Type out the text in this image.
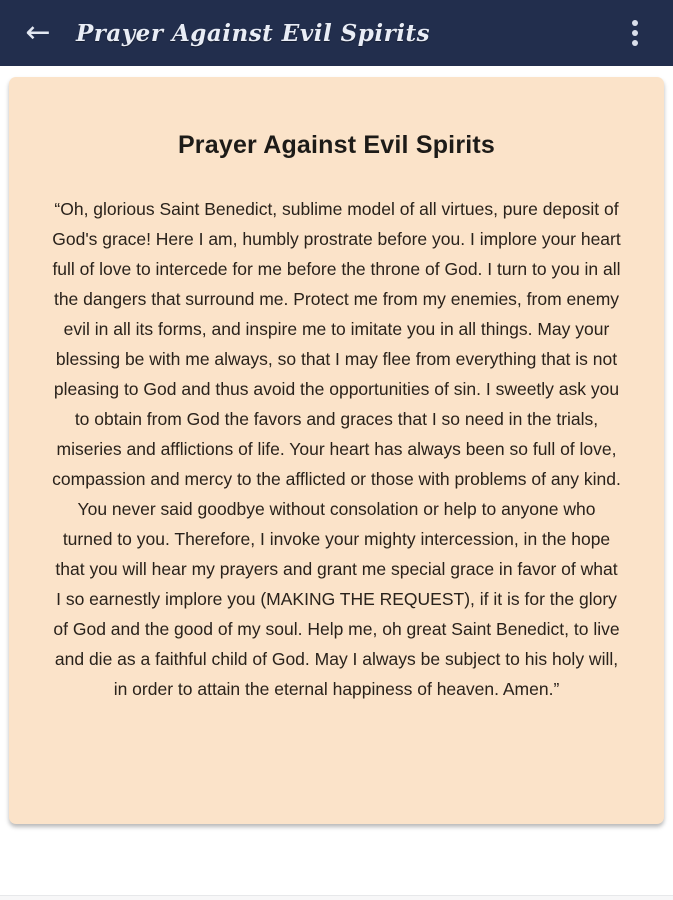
← Prayer Against Evil Spirits
Prayer Against Evil Spirits

“Oh, glorious Saint Benedict, sublime model of all virtues, pure deposit of God's grace! Here I am, humbly prostrate before you. I implore your heart full of love to intercede for me before the throne of God. I turn to you in all the dangers that surround me. Protect me from my enemies, from enemy evil in all its forms, and inspire me to imitate you in all things. May your blessing be with me always, so that I may flee from everything that is not pleasing to God and thus avoid the opportunities of sin. I sweetly ask you to obtain from God the favors and graces that I so need in the trials, miseries and afflictions of life. Your heart has always been so full of love, compassion and mercy to the afflicted or those with problems of any kind. You never said goodbye without consolation or help to anyone who turned to you. Therefore, I invoke your mighty intercession, in the hope that you will hear my prayers and grant me special grace in favor of what I so earnestly implore you (MAKING THE REQUEST), if it is for the glory of God and the good of my soul. Help me, oh great Saint Benedict, to live and die as a faithful child of God. May I always be subject to his holy will, in order to attain the eternal happiness of heaven. Amen.”
